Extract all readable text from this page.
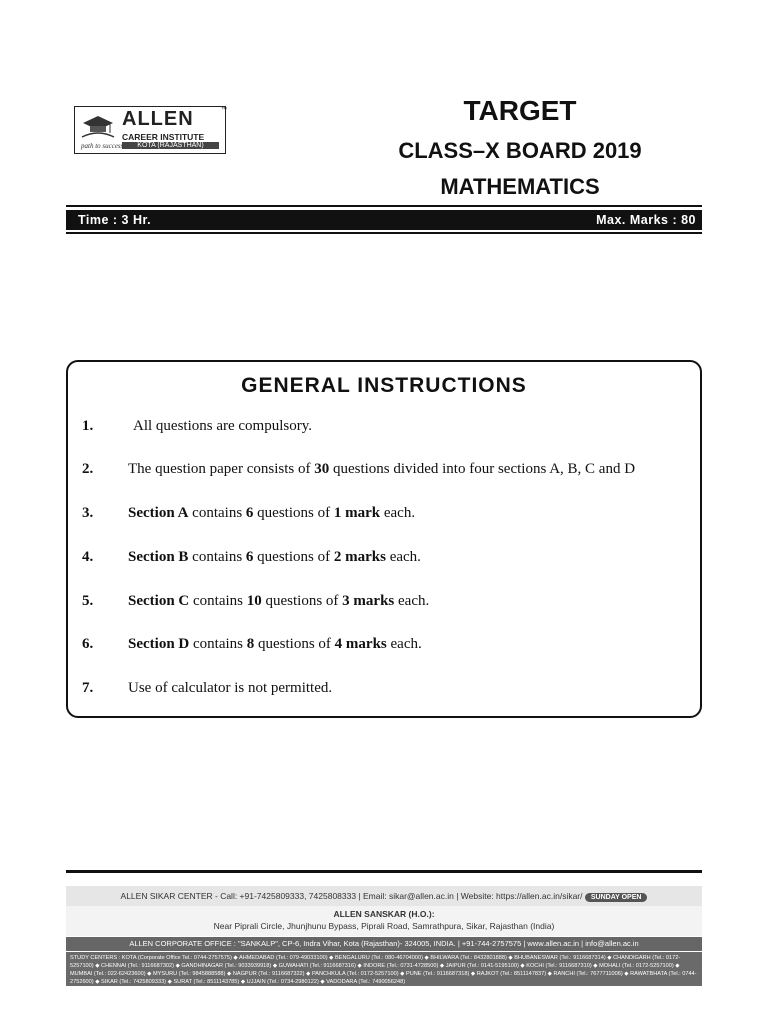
ALLEN	™
CAREER INSTITUTE
KOTA (RAJASTHAN)
path to success
TARGET
CLASS–X BOARD 2019
MATHEMATICS
Time : 3 Hr.	Max. Marks : 80
GENERAL INSTRUCTIONS
1.	All questions are compulsory.
2.	The question paper consists of 30 questions divided into four sections A, B, C and D
3.	Section A contains 6 questions of 1 mark each.
4.	Section B contains 6 questions of 2 marks each.
5.	Section C contains 10 questions of 3 marks each.
6.	Section D contains 8 questions of 4 marks each.
7.	Use of calculator is not permitted.
ALLEN SIKAR CENTER - Call: +91-7425809333, 7425808333 | Email: sikar@allen.ac.in | Website: https://allen.ac.in/sikar/ SUNDAY OPEN
ALLEN SANSKAR (H.O.):
Near Piprali Circle, Jhunjhunu Bypass, Piprali Road, Samrathpura, Sikar, Rajasthan (India)
ALLEN CORPORATE OFFICE : "SANKALP", CP-6, Indra Vihar, Kota (Rajasthan)- 324005, INDIA. | +91-744-2757575 | www.allen.ac.in | info@allen.ac.in
STUDY CENTERS : KOTA (Corporate Office Tel.: 0744-2757575) ◆ AHMEDABAD (Tel.: 079-49033100) ◆ BENGALURU (Tel.: 080-46704000) ◆ BHILWARA (Tel.: 8432801888) ◆ BHUBANESWAR (Tel.: 9116687314) ◆ CHANDIGARH (Tel.: 0172-5257100) ◆ CHENNAI (Tel.: 9116687302) ◆ GANDHINAGAR (Tel.: 9033939918) ◆ GUWAHATI (Tel.: 9116687316) ◆ INDORE (Tel.: 0731-4728500) ◆ JAIPUR (Tel.: 0141-5195100) ◆ KOCHI (Tel.: 9116687310) ◆ MOHALI (Tel.: 0172-5257100) ◆ MUMBAI (Tel.: 022-62423600) ◆ MYSURU (Tel.: 9845888588) ◆ NAGPUR (Tel.: 9116687322) ◆ PANCHKULA (Tel.: 0172-5257100) ◆ PUNE (Tel.: 9116687318) ◆ RAJKOT (Tel.: 8511147837) ◆ RANCHI (Tel.: 7677711006) ◆ RAWATBHATA (Tel.: 0744-2752600) ◆ SIKAR (Tel.: 7425809333) ◆ SURAT (Tel.: 8511143785) ◆ UJJAIN (Tel.: 0734-2980122) ◆ VADODARA (Tel.: 7490056248)
